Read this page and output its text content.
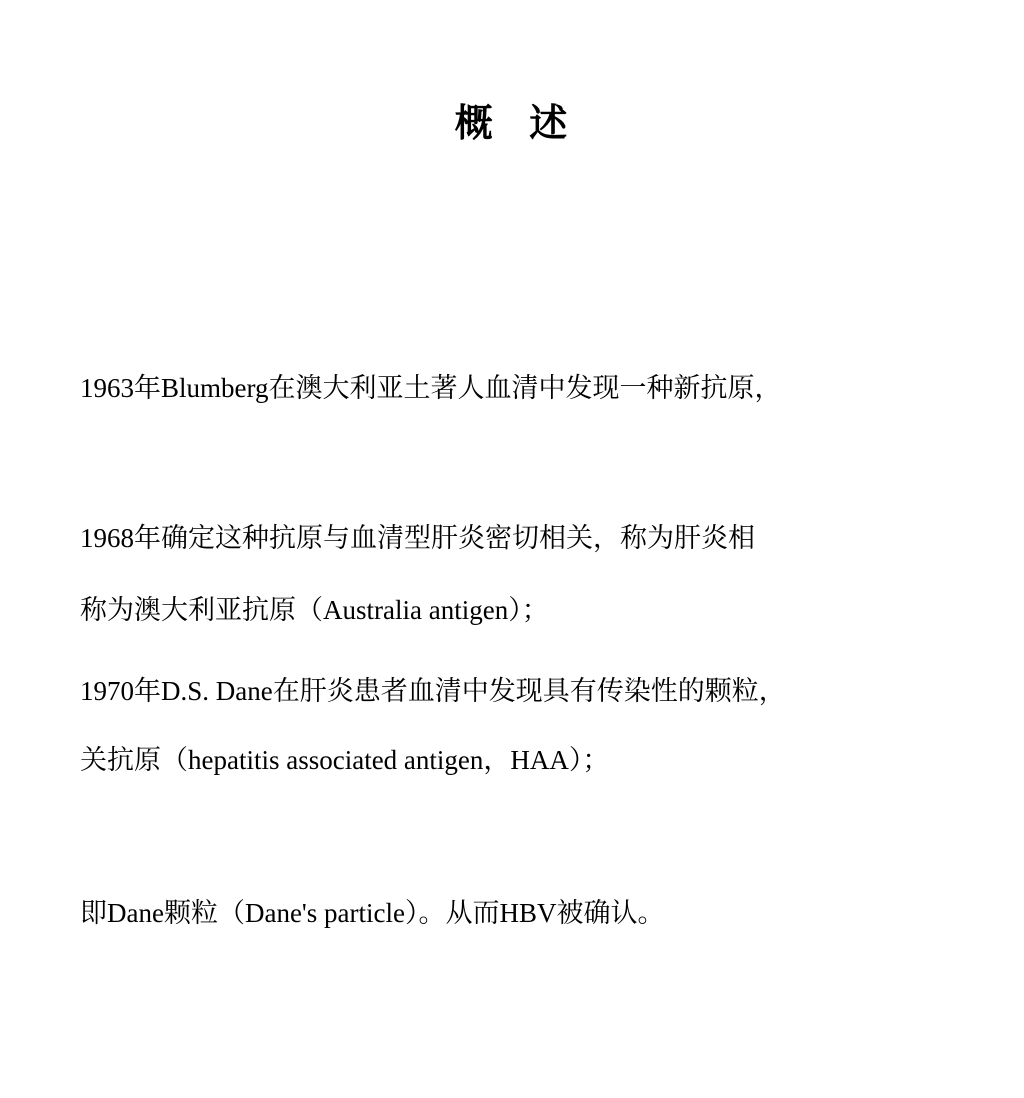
概   述

1963年Blumberg在澳大利亚土著人血清中发现一种新抗原，

称为澳大利亚抗原（Australia antigen）；

1968年确定这种抗原与血清型肝炎密切相关，称为肝炎相

关抗原（hepatitis associated antigen，HAA）；

1970年D.S. Dane在肝炎患者血清中发现具有传染性的颗粒，

即Dane颗粒（Dane's particle）。从而HBV被确认。
